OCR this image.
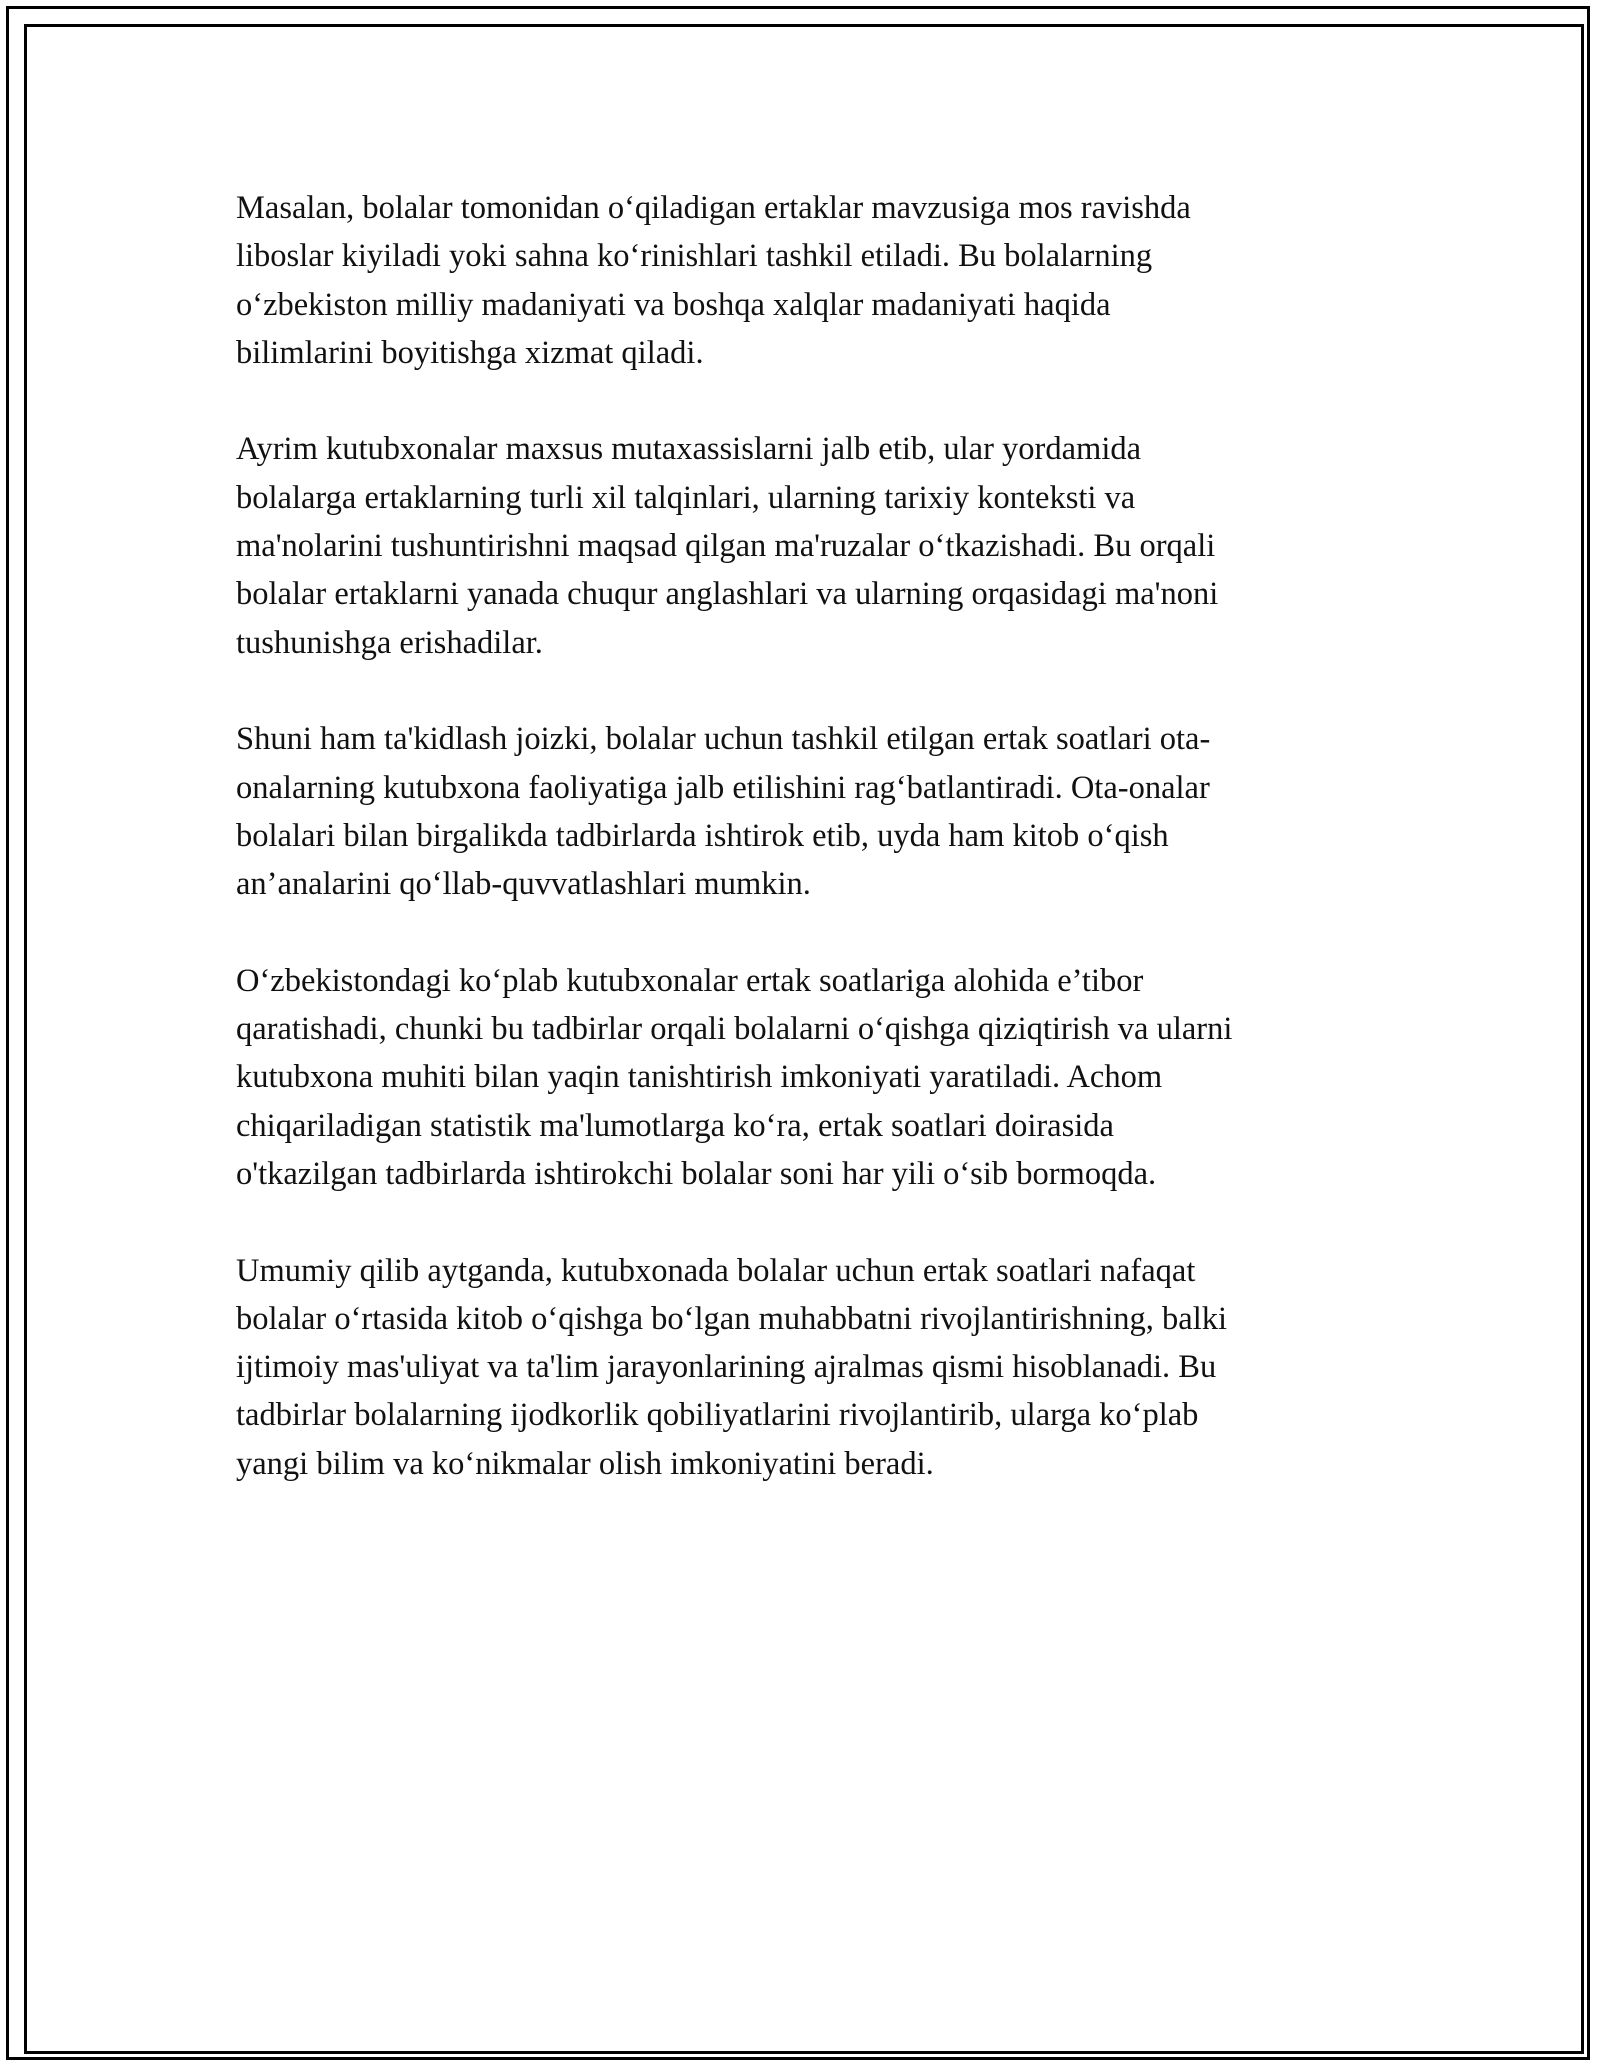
Masalan, bolalar tomonidan o‘qiladigan ertaklar mavzusiga mos ravishda
liboslar kiyiladi yoki sahna ko‘rinishlari tashkil etiladi. Bu bolalarning
o‘zbekiston milliy madaniyati va boshqa xalqlar madaniyati haqida
bilimlarini boyitishga xizmat qiladi.

Ayrim kutubxonalar maxsus mutaxassislarni jalb etib, ular yordamida
bolalarga ertaklarning turli xil talqinlari, ularning tarixiy konteksti va
ma'nolarini tushuntirishni maqsad qilgan ma'ruzalar o‘tkazishadi. Bu orqali
bolalar ertaklarni yanada chuqur anglashlari va ularning orqasidagi ma'noni
tushunishga erishadilar.

Shuni ham ta'kidlash joizki, bolalar uchun tashkil etilgan ertak soatlari ota-
onalarning kutubxona faoliyatiga jalb etilishini rag‘batlantiradi. Ota-onalar
bolalari bilan birgalikda tadbirlarda ishtirok etib, uyda ham kitob o‘qish
an’analarini qo‘llab-quvvatlashlari mumkin.

O‘zbekistondagi ko‘plab kutubxonalar ertak soatlariga alohida e’tibor
qaratishadi, chunki bu tadbirlar orqali bolalarni o‘qishga qiziqtirish va ularni
kutubxona muhiti bilan yaqin tanishtirish imkoniyati yaratiladi. Achom
chiqariladigan statistik ma'lumotlarga ko‘ra, ertak soatlari doirasida
o'tkazilgan tadbirlarda ishtirokchi bolalar soni har yili o‘sib bormoqda.

Umumiy qilib aytganda, kutubxonada bolalar uchun ertak soatlari nafaqat
bolalar o‘rtasida kitob o‘qishga bo‘lgan muhabbatni rivojlantirishning, balki
ijtimoiy mas'uliyat va ta'lim jarayonlarining ajralmas qismi hisoblanadi. Bu
tadbirlar bolalarning ijodkorlik qobiliyatlarini rivojlantirib, ularga ko‘plab
yangi bilim va ko‘nikmalar olish imkoniyatini beradi.
